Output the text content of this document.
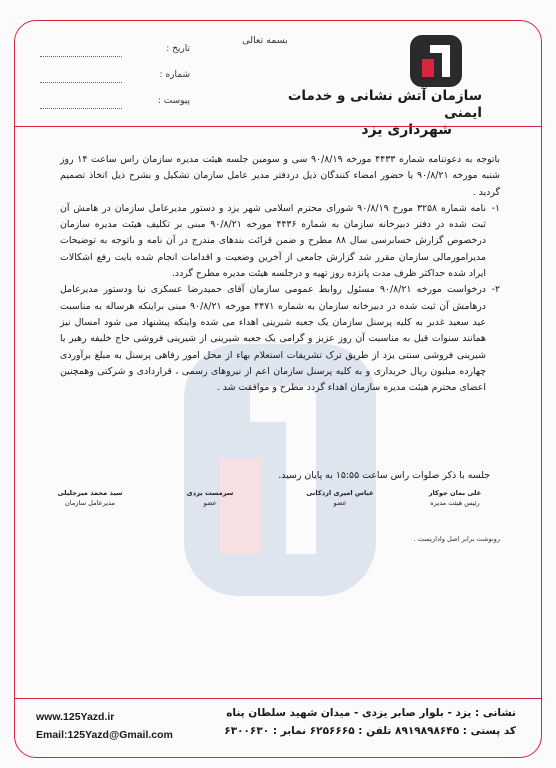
بسمه تعالی
سازمان آتش نشانی و خدمات ایمنی
شهرداری یزد
تاریخ :
شماره :
پیوست :

باتوجه به دعوتنامه شماره ۴۴۳۳ مورخه ۹۰/۸/۱۹ سی و سومین جلسه هیئت مدیره سازمان راس ساعت ۱۴ روز شنبه مورخه ۹۰/۸/۲۱ با حضور امضاء کنندگان ذیل دردفتر مدیر عامل سازمان تشکیل و بشرح ذیل اتخاذ تصمیم گردید .

۱-
نامه شماره ۳۲۵۸ مورخ ۹۰/۸/۱۹ شورای محترم اسلامی شهر یزد و دستور مدیرعامل سازمان در هامش آن ثبت شده در دفتر دبیرخانه سازمان به شماره ۴۴۳۶ مورخه ۹۰/۸/۲۱ مبنی بر تکلیف هیئت مدیره سازمان درخصوص گزارش حسابرسی سال ۸۸ مطرح و ضمن قرائت بندهای مندرج در آن نامه و باتوجه به توضیحات مدیرامورمالی سازمان مقرر شد گزارش جامعی از آخرین وضعیت و اقدامات انجام شده بابت رفع اشکالات ایراد شده حداکثر ظرف مدت پانزده روز تهیه و درجلسه هیئت مدیره مطرح گردد.
۲-
درخواست مورخه ۹۰/۸/۲۱ مسئول روابط عمومی سازمان آقای حمیدرضا عسکری نیا ودستور مدیرعامل درهامش آن ثبت شده در دبیرخانه سازمان به شماره ۴۴۷۱ مورخه ۹۰/۸/۲۱ مبنی براینکه هرساله به مناسبت عید سعید غدیر به کلیه پرسنل سازمان یک جعبه شیرینی اهداء می شده واینکه پیشنهاد می شود امسال نیز همانند سنوات قبل به مناسبت آن روز عزیز و گرامی یک جعبه شیرینی از شیرینی فروشی حاج خلیفه رهبر یا شیرینی فروشی سنتی یزد از طریق ترک تشریفات استعلام بهاء از محل امور رفاهی پرسنل به مبلغ برآوردی چهارده میلیون ریال خریداری و به کلیه پرسنل سازمان اعم از نیروهای رسمی ، قراردادی و شرکتی وهمچنین اعضای محترم هیئت مدیره سازمان اهداء گردد مطرح و موافقت شد .
جلسه با ذکر صلوات راس ساعت ۱۵:۵۵ به پایان رسید.
علی بمان جوکار
رئیس هیئت مدیره
عباس امیری اردکانی
عضو
سرمست یزدی
عضو
سید محمد میرجلیلی
مدیرعامل سازمان
رونوشت برابر اصل واداریست .
نشانی : یزد - بلوار صابر یزدی - میدان شهید سلطان پناه
کد پستی : ۸۹۱۹۸۹۸۶۴۵ تلفن : ۶۲۵۶۶۶۵ نمابر : ۶۳۰۰۶۳۰
www.125Yazd.ir
Email:125Yazd@Gmail.com
